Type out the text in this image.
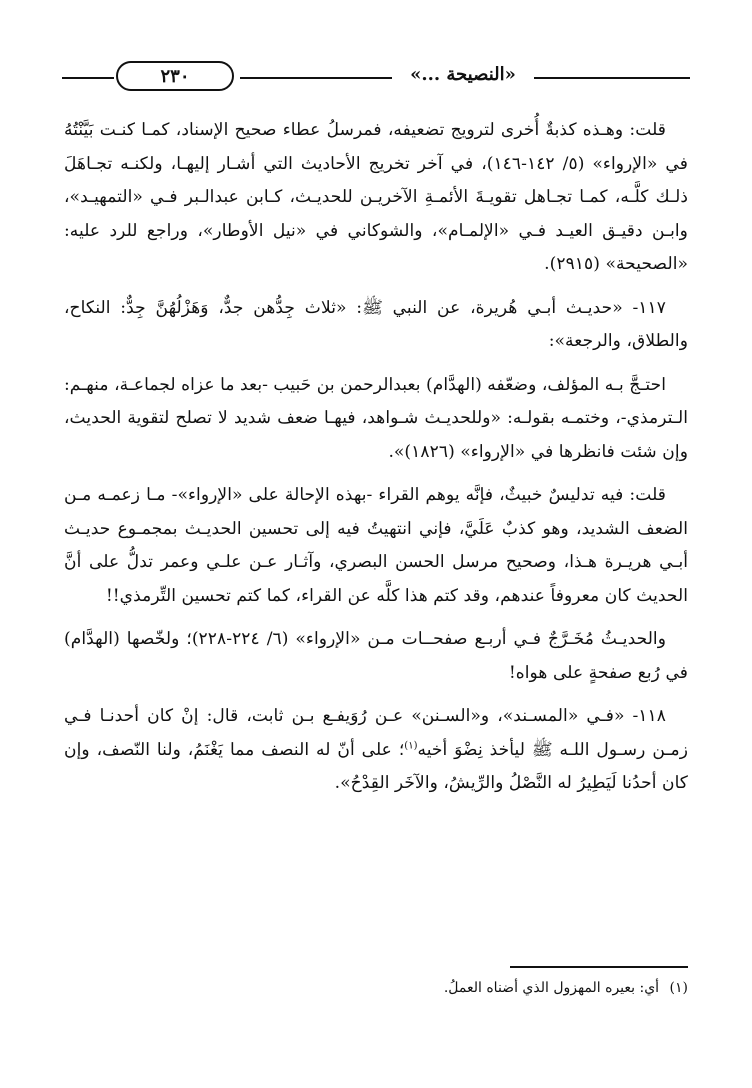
٢٣٠	«النصيحة ...»

قلت: وهـذه كذبةٌ أُخرى لترويج تضعيفه، فمرسلُ عطاء صحيح الإسناد، كمـا كنـت بَيَّنْتُهُ في «الإرواء» (٥/ ١٤٢-١٤٦)، في آخر تخريج الأحاديث التي أشـار إليهـا، ولكنـه تجـاهَلَ ذلـك كلَّـه، كمـا تجـاهل تقويـةَ الأئمـةِ الآخريـن للحديـث، كـابن عبدالـبر فـي «التمهيـد»، وابـن دقيـق العيـد فـي «الإلمـام»، والشوكاني في «نيل الأوطار»، وراجع للرد عليه: «الصحيحة» (٢٩١٥).

١١٧- «حديـث أبـي هُريرة، عن النبي ﷺ: «ثلاث جِدُّهن جدٌّ، وَهَزْلُهُنَّ جِدٌّ: النكاح، والطلاق، والرجعة»:

احتـجَّ بـه المؤلف، وضعّفه (الهدَّام) بعبدالرحمن بن حَبيب -بعد ما عزاه لجماعـة، منهـم: الـترمذي-، وختمـه بقولـه: «وللحديـث شـواهد، فيهـا ضعف شديد لا تصلح لتقوية الحديث، وإن شئت فانظرها في «الإرواء» (١٨٢٦)».

قلت: فيه تدليسٌ خبيثٌ، فإنَّه يوهم القراء -بهذه الإحالة على «الإرواء»- مـا زعمـه مـن الضعف الشديد، وهو كذبٌ عَلَيَّ، فإني انتهيتُ فيه إلى تحسين الحديـث بمجمـوع حديـث أبـي هريـرة هـذا، وصحيح مرسل الحسن البصري، وآثـار عـن علـي وعمر تدلُّ على أنَّ الحديث كان معروفاً عندهم، وقد كتم هذا كلَّه عن القراء، كما كتم تحسين التِّرمذي!!

والحديـثُ مُخَـرَّجٌ فـي أربـع صفحــات مـن «الإرواء» (٦/ ٢٢٤-٢٢٨)؛ ولخّصها (الهدَّام) في رُبع صفحةٍ على هواه!

١١٨- «فـي «المسـند»، و«السـنن» عـن رُوَيفـع بـن ثابت، قال: إنْ كان أحدنـا فـي زمـن رسـول اللـه ﷺ ليأخذ نِضْوَ أخيه$^{(١)}$؛ على أنّ له النصف مما يَغْنَمُ، ولنا النّصف، وإن كان أحدُنا لَيَطِيرُ له النَّصْلُ والرِّيشُ، والآخَر القِدْحُ».

(١) أي: بعيره المهزول الذي أضناه العملُ.
